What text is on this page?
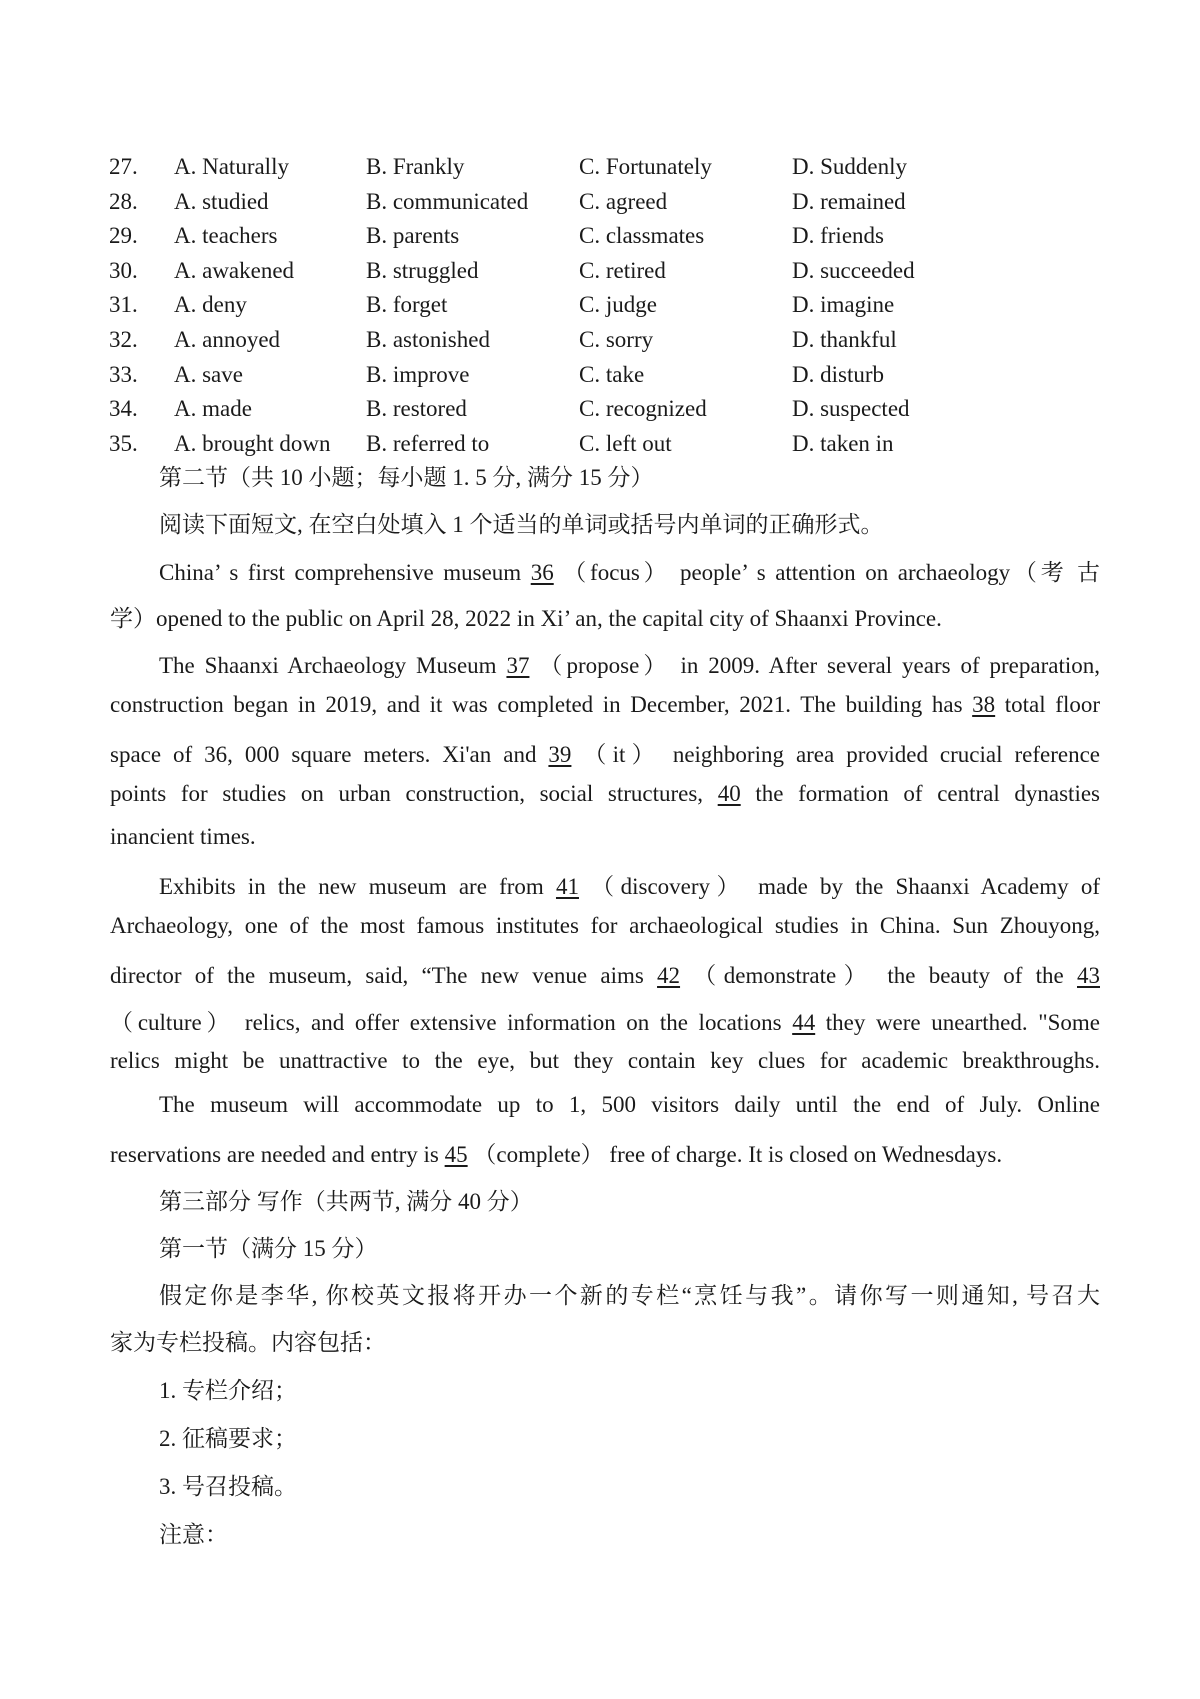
27. A. Naturally	B. Frankly	C. Fortunately	D. Suddenly
28. A. studied	B. communicated C. agreed	D. remained
29. A. teachers	B. parents	C. classmates	D. friends
30. A. awakened	B. struggled	C. retired	D. succeeded
31. A. deny	B. forget	C. judge	D. imagine
32. A. annoyed	B. astonished	C. sorry	D. thankful
33. A. save	B. improve	C. take	D. disturb
34. A. made	B. restored	C. recognized	D. suspected
35. A. brought down B. referred to	C. left out	D. taken in
第二节（共 10 小题；每小题 1. 5 分, 满分 15 分）
阅读下面短文, 在空白处填入 1 个适当的单词或括号内单词的正确形式。
China’ s first comprehensive museum 36 （focus） people’ s attention on archaeology（考 古
学）opened to the public on April 28, 2022 in Xi’ an, the capital city of Shaanxi Province.
The Shaanxi Archaeology Museum 37 （propose） in 2009. After several years of preparation,
construction began in 2019, and it was completed in December, 2021. The building has 38 total floor
space of 36, 000 square meters. Xi'an and 39 （it） neighboring area provided crucial reference
points for studies on urban construction, social structures, 40 the formation of central dynasties
inancient times.
Exhibits in the new museum are from 41 （discovery） made by the Shaanxi Academy of
Archaeology, one of the most famous institutes for archaeological studies in China. Sun Zhouyong,
director of the museum, said, “The new venue aims 42 （demonstrate） the beauty of the 43
（culture） relics, and offer extensive information on the locations 44 they were unearthed. "Some
relics might be unattractive to the eye, but they contain key clues for academic breakthroughs.
The museum will accommodate up to 1, 500 visitors daily until the end of July. Online
reservations are needed and entry is 45 （complete） free of charge. It is closed on Wednesdays.
第三部分 写作（共两节, 满分 40 分）
第一节（满分 15 分）
假定你是李华, 你校英文报将开办一个新的专栏“烹饪与我”。请你写一则通知, 号召大
家为专栏投稿。内容包括：
1. 专栏介绍；
2. 征稿要求；
3. 号召投稿。
注意：
